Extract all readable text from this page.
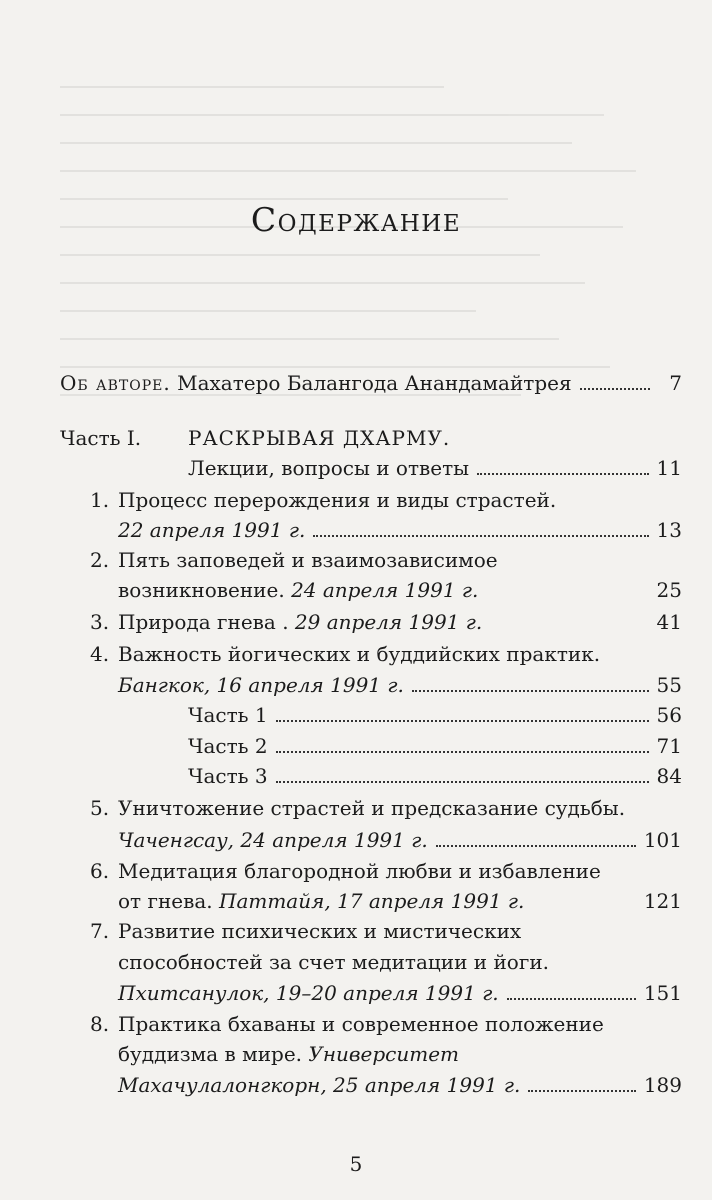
Содержание
Об авторе.
Махатеро Балангода Анандамайтрея	7
Часть I. РАСКРЫВАЯ ДХАРМУ.
Лекции, вопросы и ответы	11
1. Процесс перерождения и виды страстей.
22 апреля 1991 г.	13
2. Пять заповедей и взаимозависимое
возникновение.
24 апреля 1991 г.	25
3. Природа гнева .
29 апреля 1991 г.	41
4. Важность йогических и буддийских практик.
Бангкок, 16 апреля 1991 г.	55
Часть 1	56
Часть 2	71
Часть 3	84
5. Уничтожение страстей и предсказание судьбы.
Чаченгсау, 24 апреля 1991 г.	101
6. Медитация благородной любви и избавление
от гнева.
Паттайя, 17 апреля 1991 г.	121
7. Развитие психических и мистических
способностей за счет медитации и йоги.
Пхитсанулок, 19–20 апреля 1991 г.	151
8. Практика бхаваны и современное положение
буддизма в мире. Университет
Махачулалонгкорн, 25 апреля 1991 г.	189
5
